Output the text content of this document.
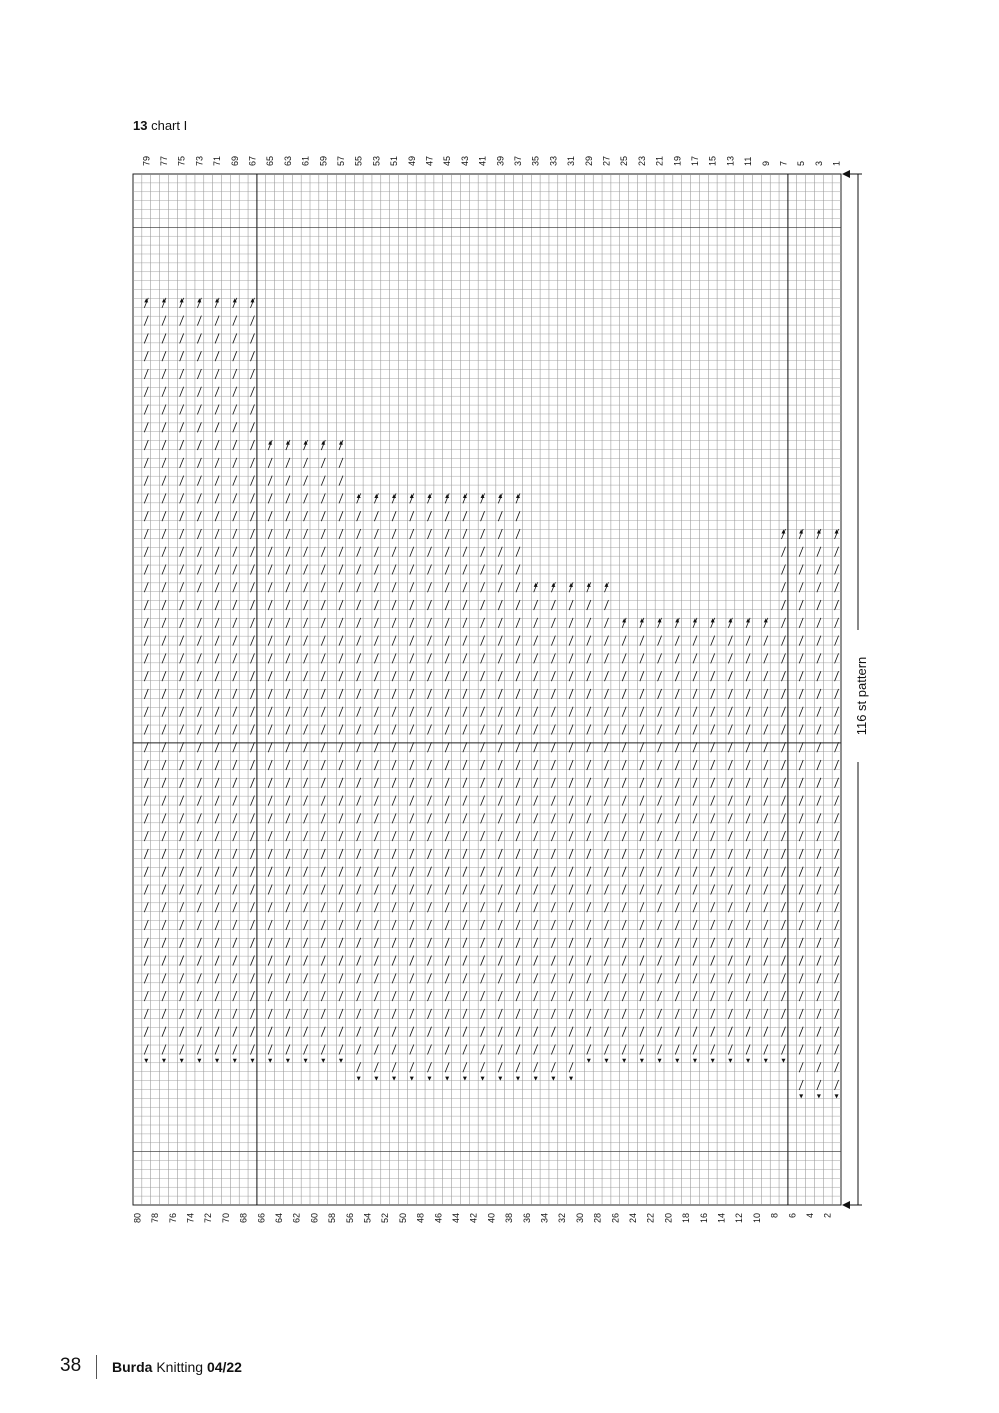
13 chart I
79 77 75 73 71 69 67 65 63 61 59 57 55 53 51 49 47 45 43 41 39 37 35 33 31 29 27 25 23 21 19 17 15 13 11 9 7 5 3 1
80 78 76 74 72 70 68 66 64 62 60 58 56 54 52 50 48 46 44 42 40 38 36 34 32 30 28 26 24 22 20 18 16 14 12 10 8 6 4 2
116 st pattern
38 Burda Knitting 04/22
